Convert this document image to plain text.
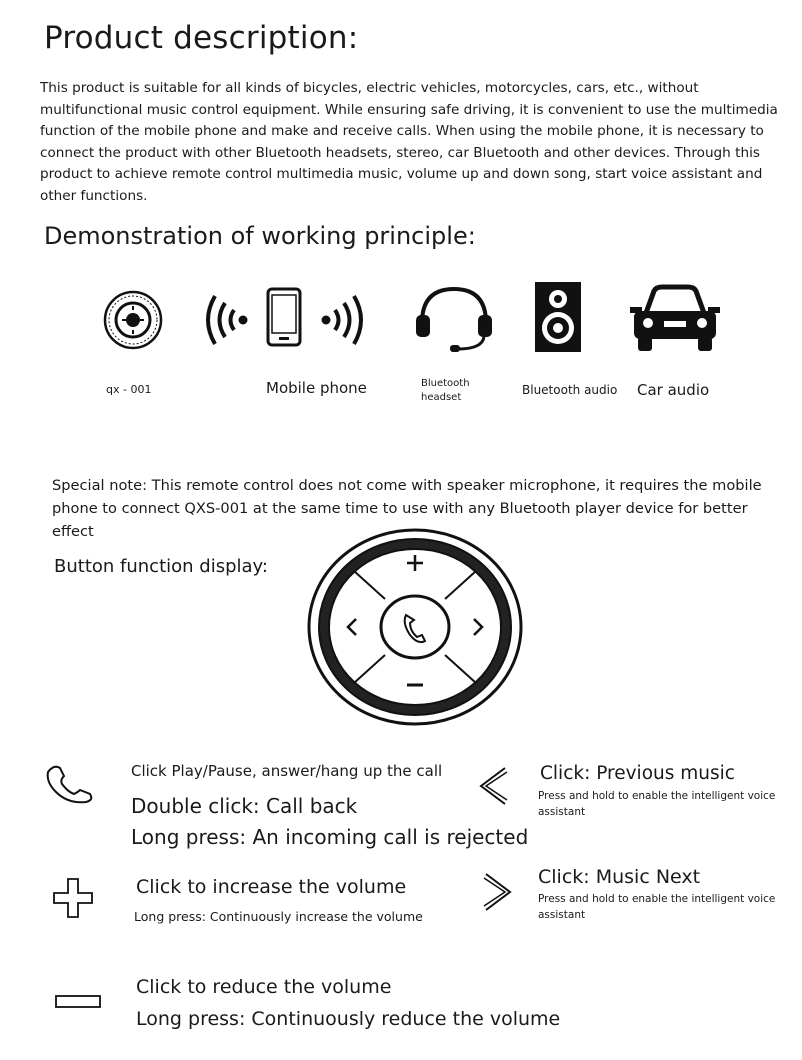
Product description:
This product is suitable for all kinds of bicycles, electric vehicles, motorcycles, cars, etc., without multifunctional music control equipment. While ensuring safe driving, it is convenient to use the multimedia function of the mobile phone and make and receive calls. When using the mobile phone, it is necessary to connect the product with other Bluetooth headsets, stereo, car Bluetooth and other devices. Through this product to achieve remote control multimedia music, volume up and down song, start voice assistant and other functions.
Demonstration of working principle:
qx - 001	Mobile phone	Bluetooth
headset
Bluetooth audio Car audio
Special note: This remote control does not come with speaker microphone, it requires the mobile phone to connect QXS-001 at the same time to use with any Bluetooth player device for better effect
Button function display:
Click Play/Pause, answer/hang up the call
Double click: Call back
Long press: An incoming call is rejected
Click: Previous music
Press and hold to enable the intelligent voice assistant
Click to increase the volume
Long press: Continuously increase the volume
Click: Music Next
Press and hold to enable the intelligent voice assistant
Click to reduce the volume
Long press: Continuously reduce the volume
